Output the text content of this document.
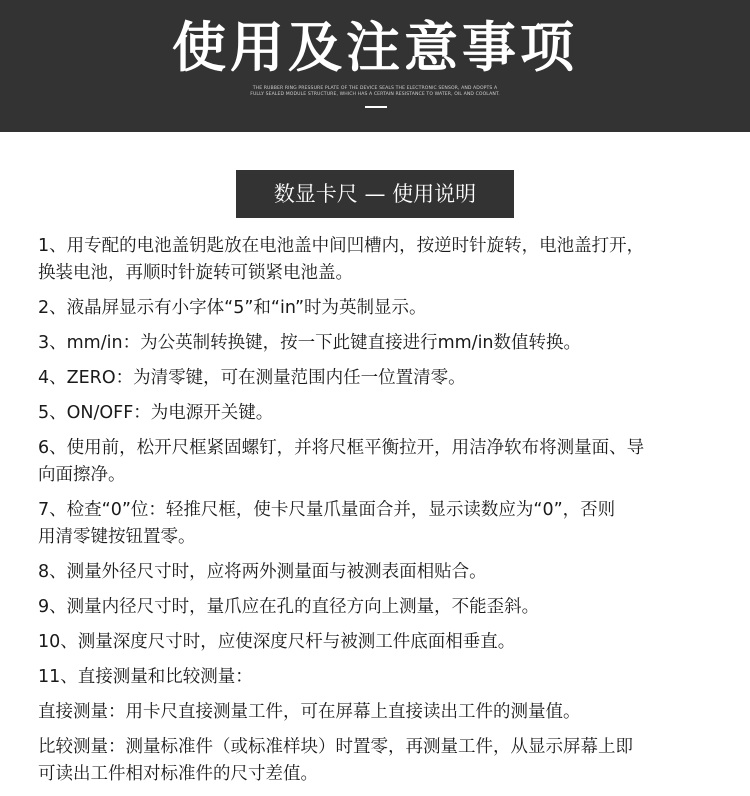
使用及注意事项
THE RUBBER RING PRESSURE PLATE OF THE DEVICE SEALS THE ELECTRONIC SENSOR, AND ADOPTS A
FULLY SEALED MODULE STRUCTURE, WHICH HAS A CERTAIN RESISTANCE TO WATER, OIL AND COOLANT.
数显卡尺 — 使用说明

1、用专配的电池盖钥匙放在电池盖中间凹槽内，按逆时针旋转，电池盖打开，
换装电池，再顺时针旋转可锁紧电池盖。

2、液晶屏显示有小字体“5”和“in”时为英制显示。

3、mm/in：为公英制转换键，按一下此键直接进行mm/in数值转换。

4、ZERO：为清零键，可在测量范围内任一位置清零。

5、ON/OFF：为电源开关键。

6、使用前，松开尺框紧固螺钉，并将尺框平衡拉开，用洁净软布将测量面、导
向面擦净。

7、检查“0”位：轻推尺框，使卡尺量爪量面合并，显示读数应为“0”，否则
用清零键按钮置零。

8、测量外径尺寸时，应将两外测量面与被测表面相贴合。

9、测量内径尺寸时，量爪应在孔的直径方向上测量，不能歪斜。

10、测量深度尺寸时，应使深度尺杆与被测工件底面相垂直。

11、直接测量和比较测量：

直接测量：用卡尺直接测量工件，可在屏幕上直接读出工件的测量值。

比较测量：测量标准件（或标准样块）时置零，再测量工件，从显示屏幕上即
可读出工件相对标准件的尺寸差值。
